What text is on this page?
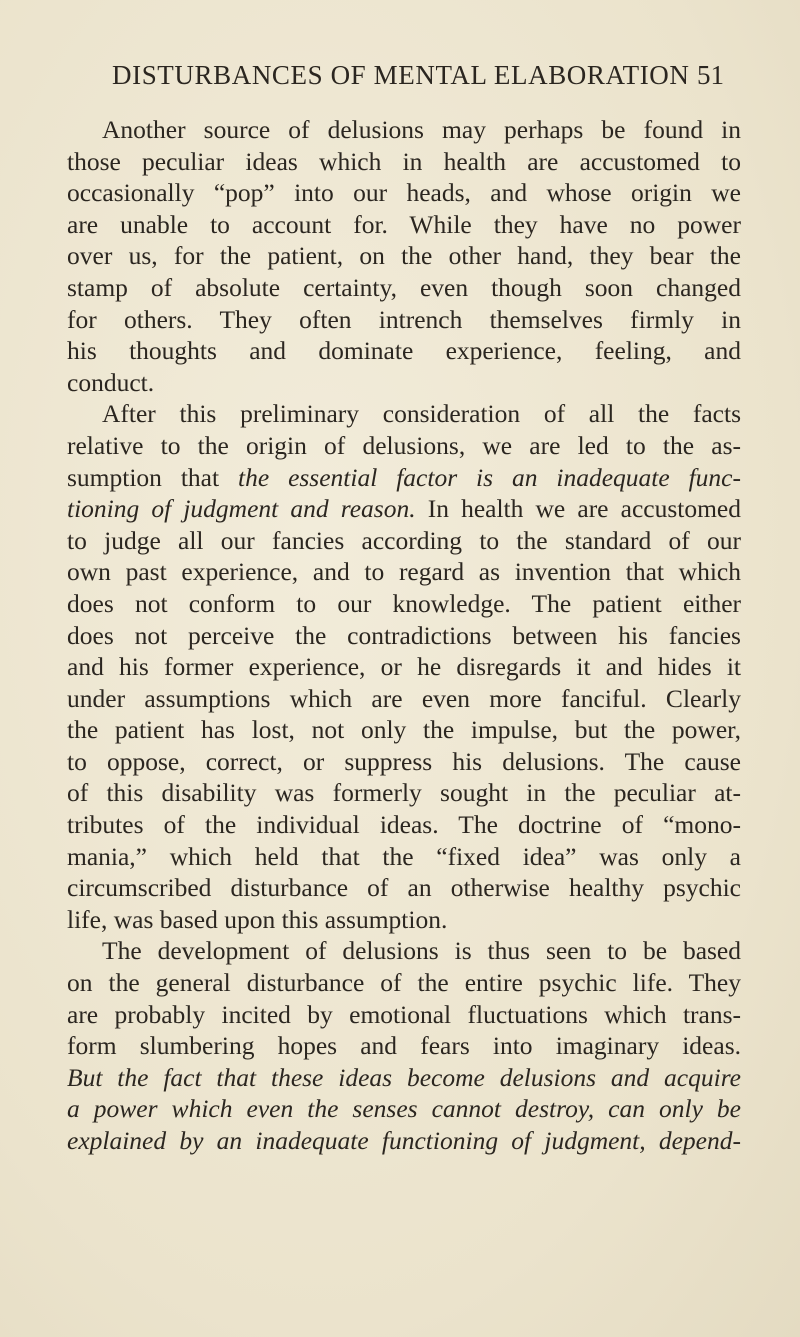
DISTURBANCES OF MENTAL ELABORATION 51
Another source of delusions may perhaps be found in
those peculiar ideas which in health are accustomed to
occasionally “pop” into our heads, and whose origin we
are unable to account for. While they have no power
over us, for the patient, on the other hand, they bear the
stamp of absolute certainty, even though soon changed
for others. They often intrench themselves firmly in
his thoughts and dominate experience, feeling, and
conduct.
After this preliminary consideration of all the facts
relative to the origin of delusions, we are led to the as-
sumption that the essential factor is an inadequate func-
tioning of judgment and reason. In health we are accustomed
to judge all our fancies according to the standard of our
own past experience, and to regard as invention that which
does not conform to our knowledge. The patient either
does not perceive the contradictions between his fancies
and his former experience, or he disregards it and hides it
under assumptions which are even more fanciful. Clearly
the patient has lost, not only the impulse, but the power,
to oppose, correct, or suppress his delusions. The cause
of this disability was formerly sought in the peculiar at-
tributes of the individual ideas. The doctrine of “mono-
mania,” which held that the “fixed idea” was only a
circumscribed disturbance of an otherwise healthy psychic
life, was based upon this assumption.
The development of delusions is thus seen to be based
on the general disturbance of the entire psychic life. They
are probably incited by emotional fluctuations which trans-
form slumbering hopes and fears into imaginary ideas.
But the fact that these ideas become delusions and acquire
a power which even the senses cannot destroy, can only be
explained by an inadequate functioning of judgment, depend-
